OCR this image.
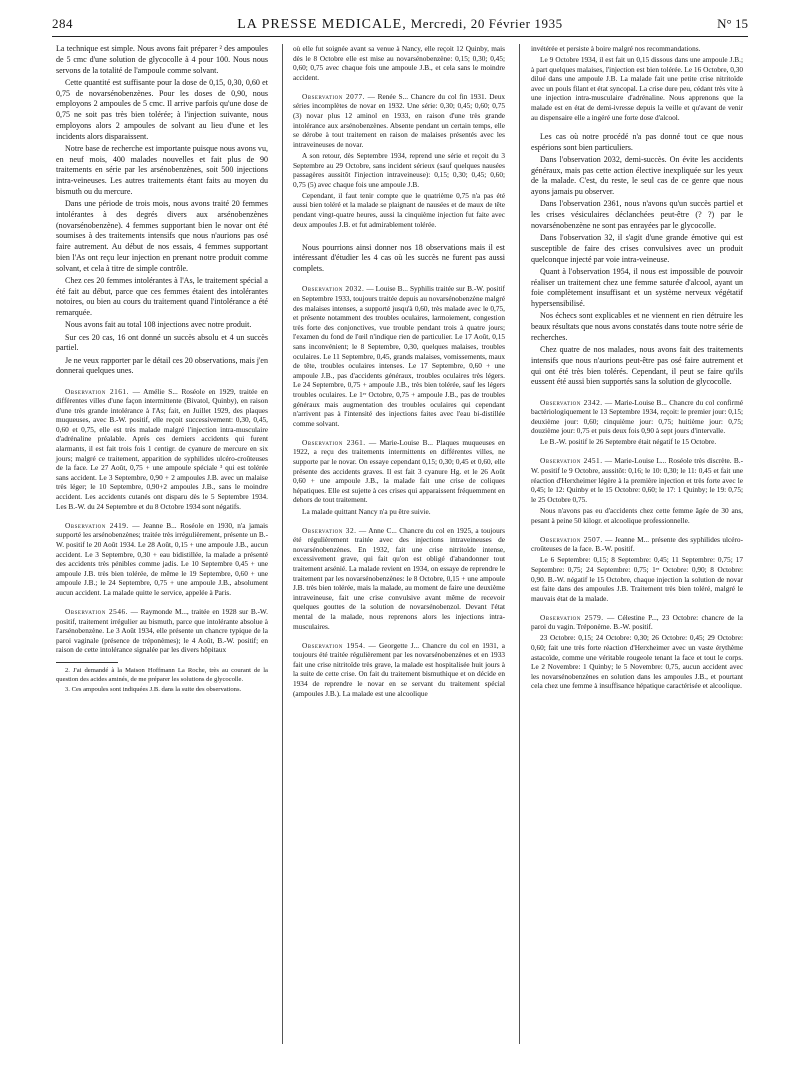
284	LA PRESSE MEDICALE, Mercredi, 20 Février 1935	N° 15

La technique est simple. Nous avons fait préparer ² des ampoules de 5 cmc d'une solution de glycocolle à 4 pour 100. Nous nous servons de la totalité de l'ampoule comme solvant.

Cette quantité est suffisante pour la dose de 0,15, 0,30, 0,60 et 0,75 de novarsénobenzènes. Pour les doses de 0,90, nous employons 2 ampoules de 5 cmc. Il arrive parfois qu'une dose de 0,75 ne soit pas très bien tolérée; à l'injection suivante, nous employons alors 2 ampoules de solvant au lieu d'une et les incidents alors disparaissent.

Notre base de recherche est importante puisque nous avons vu, en neuf mois, 400 malades nouvelles et fait plus de 90 traitements en série par les arsénobenzènes, soit 500 injections intra-veineuses. Les autres traitements étant faits au moyen du bismuth ou du mercure.

Dans une période de trois mois, nous avons traité 20 femmes intolérantes à des degrés divers aux arsénobenzènes (novarsénobenzène). 4 femmes supportant bien le novar ont été soumises à des traitements intensifs que nous n'aurions pas osé faire autrement. Au début de nos essais, 4 femmes supportant bien l'As ont reçu leur injection en prenant notre produit comme solvant, et cela à titre de simple contrôle.

Chez ces 20 femmes intolérantes à l'As, le traitement spécial a été fait au début, parce que ces femmes étaient des intolérantes notoires, ou bien au cours du traitement quand l'intolérance a été remarquée.

Nous avons fait au total 108 injections avec notre produit.

Sur ces 20 cas, 16 ont donné un succès absolu et 4 un succès partiel.

Je ne veux rapporter par le détail ces 20 observations, mais j'en donnerai quelques unes.

Observation 2161. — Amélie S... Roséole en 1929, traitée en différentes villes d'une façon intermittente (Bivatol, Quinby), en raison d'une très grande intolérance à l'As; fait, en Juillet 1929, des plaques muqueuses, avec B.-W. positif, elle reçoit successivement: 0,30, 0,45, 0,60 et 0,75, elle est très malade malgré l'injection intra-musculaire d'adrénaline préalable. Après ces derniers accidents qui furent alarmants, il est fait trois fois 1 centigr. de cyanure de mercure en six jours; malgré ce traitement, apparition de syphilides ulcéro-croûteuses de la face. Le 27 Août, 0,75 + une ampoule spéciale ³ qui est tolérée sans accident. Le 3 Septembre, 0,90 + 2 ampoules J.B. avec un malaise très léger; le 10 Septembre, 0,90+2 ampoules J.B., sans le moindre accident. Les accidents cutanés ont disparu dès le 5 Septembre 1934. Les B.-W. du 24 Septembre et du 8 Octobre 1934 sont négatifs.

Observation 2419. — Jeanne B... Roséole en 1930, n'a jamais supporté les arsénobenzènes; traitée très irrégulièrement, présente un B.-W. positif le 20 Août 1934. Le 28 Août, 0,15 + une ampoule J.B., aucun accident. Le 3 Septembre, 0,30 + eau bidistillée, la malade a présenté des accidents très pénibles comme jadis. Le 10 Septembre 0,45 + une ampoule J.B. très bien tolérée, de même le 19 Septembre, 0,60 + une ampoule J.B.; le 24 Septembre, 0,75 + une ampoule J.B., absolument aucun accident. La malade quitte le service, appelée à Paris.

Observation 2546. — Raymonde M..., traitée en 1928 sur B.-W. positif, traitement irrégulier au bismuth, parce que intolérante absolue à l'arsénobenzène. Le 3 Août 1934, elle présente un chancre typique de la paroi vaginale (présence de tréponèmes); le 4 Août, B.-W. positif; en raison de cette intolérance signalée par les divers hôpitaux

2. J'ai demandé à la Maison Hoffmann La Roche, très au courant de la question des acides aminés, de me préparer les solutions de glycocolle.

3. Ces ampoules sont indiquées J.B. dans la suite des observations.

où elle fut soignée avant sa venue à Nancy, elle reçoit 12 Quinby, mais dès le 8 Octobre elle est mise au novarsénobenzène: 0,15; 0,30; 0,45; 0,60; 0,75 avec chaque fois une ampoule J.B., et cela sans le moindre accident.

Observation 2077. — Renée S... Chancre du col fin 1931. Deux séries incomplètes de novar en 1932. Une série: 0,30; 0,45; 0,60; 0,75 (3) novar plus 12 aminol en 1933, en raison d'une très grande intolérance aux arsénobenzènes. Absente pendant un certain temps, elle se dérobe à tout traitement en raison de malaises présentés avec les intraveineuses de novar.

A son retour, dès Septembre 1934, reprend une série et reçoit du 3 Septembre au 29 Octobre, sans incident sérieux (sauf quelques nausées passagères aussitôt l'injection intraveineuse): 0,15; 0,30; 0,45; 0,60; 0,75 (5) avec chaque fois une ampoule J.B.

Cependant, il faut tenir compte que le quatrième 0,75 n'a pas été aussi bien toléré et la malade se plaignant de nausées et de maux de tête pendant vingt-quatre heures, aussi la cinquième injection fut faite avec deux ampoules J.B. et fut admirablement tolérée.

Nous pourrions ainsi donner nos 18 observations mais il est intéressant d'étudier les 4 cas où les succès ne furent pas aussi complets.

Observation 2032. — Louise B... Syphilis traitée sur B.-W. positif en Septembre 1933, toujours traitée depuis au novarsénobenzène malgré des malaises intenses, a supporté jusqu'à 0,60, très malade avec le 0,75, et présente notamment des troubles oculaires, larmoiement, congestion très forte des conjonctives, vue trouble pendant trois à quatre jours; l'examen du fond de l'œil n'indique rien de particulier. Le 17 Août, 0,15 sans inconvénient; le 8 Septembre, 0,30, quelques malaises, troubles oculaires. Le 11 Septembre, 0,45, grands malaises, vomissements, maux de tête, troubles oculaires intenses. Le 17 Septembre, 0,60 + une ampoule J.B., pas d'accidents généraux, troubles oculaires très légers. Le 24 Septembre, 0,75 + ampoule J.B., très bien tolérée, sauf les légers troubles oculaires. Le 1ᵉʳ Octobre, 0,75 + ampoule J.B., pas de troubles généraux mais augmentation des troubles oculaires qui cependant n'arrivent pas à l'intensité des injections faites avec l'eau bi-distillée comme solvant.

Observation 2361. — Marie-Louise B... Plaques muqueuses en 1922, a reçu des traitements intermittents en différentes villes, ne supporte par le novar. On essaye cependant 0,15; 0,30; 0,45 et 0,60, elle présente des accidents graves. Il est fait 3 cyanure Hg. et le 26 Août 0,60 + une ampoule J.B., la malade fait une crise de coliques hépatiques. Elle est sujette à ces crises qui apparaissent fréquemment en dehors de tout traitement.

La malade quittant Nancy n'a pu être suivie.

Observation 32. — Anne C... Chancre du col en 1925, a toujours été régulièrement traitée avec des injections intraveineuses de novarsénobenzènes. En 1932, fait une crise nitritoïde intense, excessivement grave, qui fait qu'on est obligé d'abandonner tout traitement arsénié. La malade revient en 1934, on essaye de reprendre le traitement par les novarsénobenzènes: le 8 Octobre, 0,15 + une ampoule J.B. très bien tolérée, mais la malade, au moment de faire une deuxième intraveineuse, fait une crise convulsive avant même de recevoir quelques gouttes de la solution de novarsénobenzol. Devant l'état mental de la malade, nous reprenons alors les injections intra-musculaires.

Observation 1954. — Georgette J... Chancre du col en 1931, a toujours été traitée régulièrement par les novarsénobenzènes et en 1933 fait une crise nitritoïde très grave, la malade est hospitalisée huit jours à la suite de cette crise. On fait du traitement bismuthique et on décide en 1934 de reprendre le novar en se servant du traitement spécial (ampoules J.B.). La malade est une alcoolique

invétérée et persiste à boire malgré nos recommandations.

Le 9 Octobre 1934, il est fait un 0,15 dissous dans une ampoule J.B.; à part quelques malaises, l'injection est bien tolérée. Le 16 Octobre, 0,30 dilué dans une ampoule J.B. La malade fait une petite crise nitritoïde avec un pouls filant et état syncopal. La crise dure peu, cédant très vite à une injection intra-musculaire d'adrénaline. Nous apprenons que la malade est en état de demi-ivresse depuis la veille et qu'avant de venir au dispensaire elle a ingéré une forte dose d'alcool.

Les cas où notre procédé n'a pas donné tout ce que nous espérions sont bien particuliers.

Dans l'observation 2032, demi-succès. On évite les accidents généraux, mais pas cette action élective inexpliquée sur les yeux de la malade. C'est, du reste, le seul cas de ce genre que nous ayons jamais pu observer.

Dans l'observation 2361, nous n'avons qu'un succès partiel et les crises vésiculaires déclanchées peut-être (? ?) par le novarsénobenzène ne sont pas enrayées par le glycocolle.

Dans l'observation 32, il s'agit d'une grande émotive qui est susceptible de faire des crises convulsives avec un produit quelconque injecté par voie intra-veineuse.

Quant à l'observation 1954, il nous est impossible de pouvoir réaliser un traitement chez une femme saturée d'alcool, ayant un foie complètement insuffisant et un système nerveux végétatif hypersensibilisé.

Nos échecs sont explicables et ne viennent en rien détruire les beaux résultats que nous avons constatés dans toute notre série de recherches.

Chez quatre de nos malades, nous avons fait des traitements intensifs que nous n'aurions peut-être pas osé faire autrement et qui ont été très bien tolérés. Cependant, il peut se faire qu'ils eussent été aussi bien supportés sans la solution de glycocolle.

Observation 2342. — Marie-Louise B... Chancre du col confirmé bactériologiquement le 13 Septembre 1934, reçoit: le premier jour: 0,15; deuxième jour: 0,60; cinquième jour: 0,75; huitième jour: 0,75; douzième jour: 0,75 et puis deux fois 0,90 à sept jours d'intervalle.

Le B.-W. positif le 26 Septembre était négatif le 15 Octobre.

Observation 2451. — Marie-Louise L... Roséole très discrète. B.-W. positif le 9 Octobre, aussitôt: 0,16; le 10: 0,30; le 11: 0,45 et fait une réaction d'Herxheimer légère à la première injection et très forte avec le 0,45; le 12: Quinby et le 15 Octobre: 0,60; le 17: 1 Quinby; le 19: 0,75; le 25 Octobre 0,75.

Nous n'avons pas eu d'accidents chez cette femme âgée de 30 ans, pesant à peine 50 kilogr. et alcoolique professionnelle.

Observation 2507. — Jeanne M... présente des syphilides ulcéro-croûteuses de la face. B.-W. positif.

Le 6 Septembre: 0,15; 8 Septembre: 0,45; 11 Septembre: 0,75; 17 Septembre: 0,75; 24 Septembre: 0,75; 1ᵉʳ Octobre: 0,90; 8 Octobre: 0,90. B.-W. négatif le 15 Octobre, chaque injection la solution de novar est faite dans des ampoules J.B. Traitement très bien toléré, malgré le mauvais état de la malade.

Observation 2579. — Célestine P..., 23 Octobre: chancre de la paroi du vagin. Tréponème. B.-W. positif.

23 Octobre: 0,15; 24 Octobre: 0,30; 26 Octobre: 0,45; 29 Octobre: 0,60; fait une très forte réaction d'Herxheimer avec un vaste érythème astacoïde, comme une véritable rougeole tenant la face et tout le corps. Le 2 Novembre: 1 Quinby; le 5 Novembre: 0,75, aucun accident avec les novarsénobenzènes en solution dans les ampoules J.B., et pourtant cela chez une femme à insuffisance hépatique caractérisée et alcoolique.
